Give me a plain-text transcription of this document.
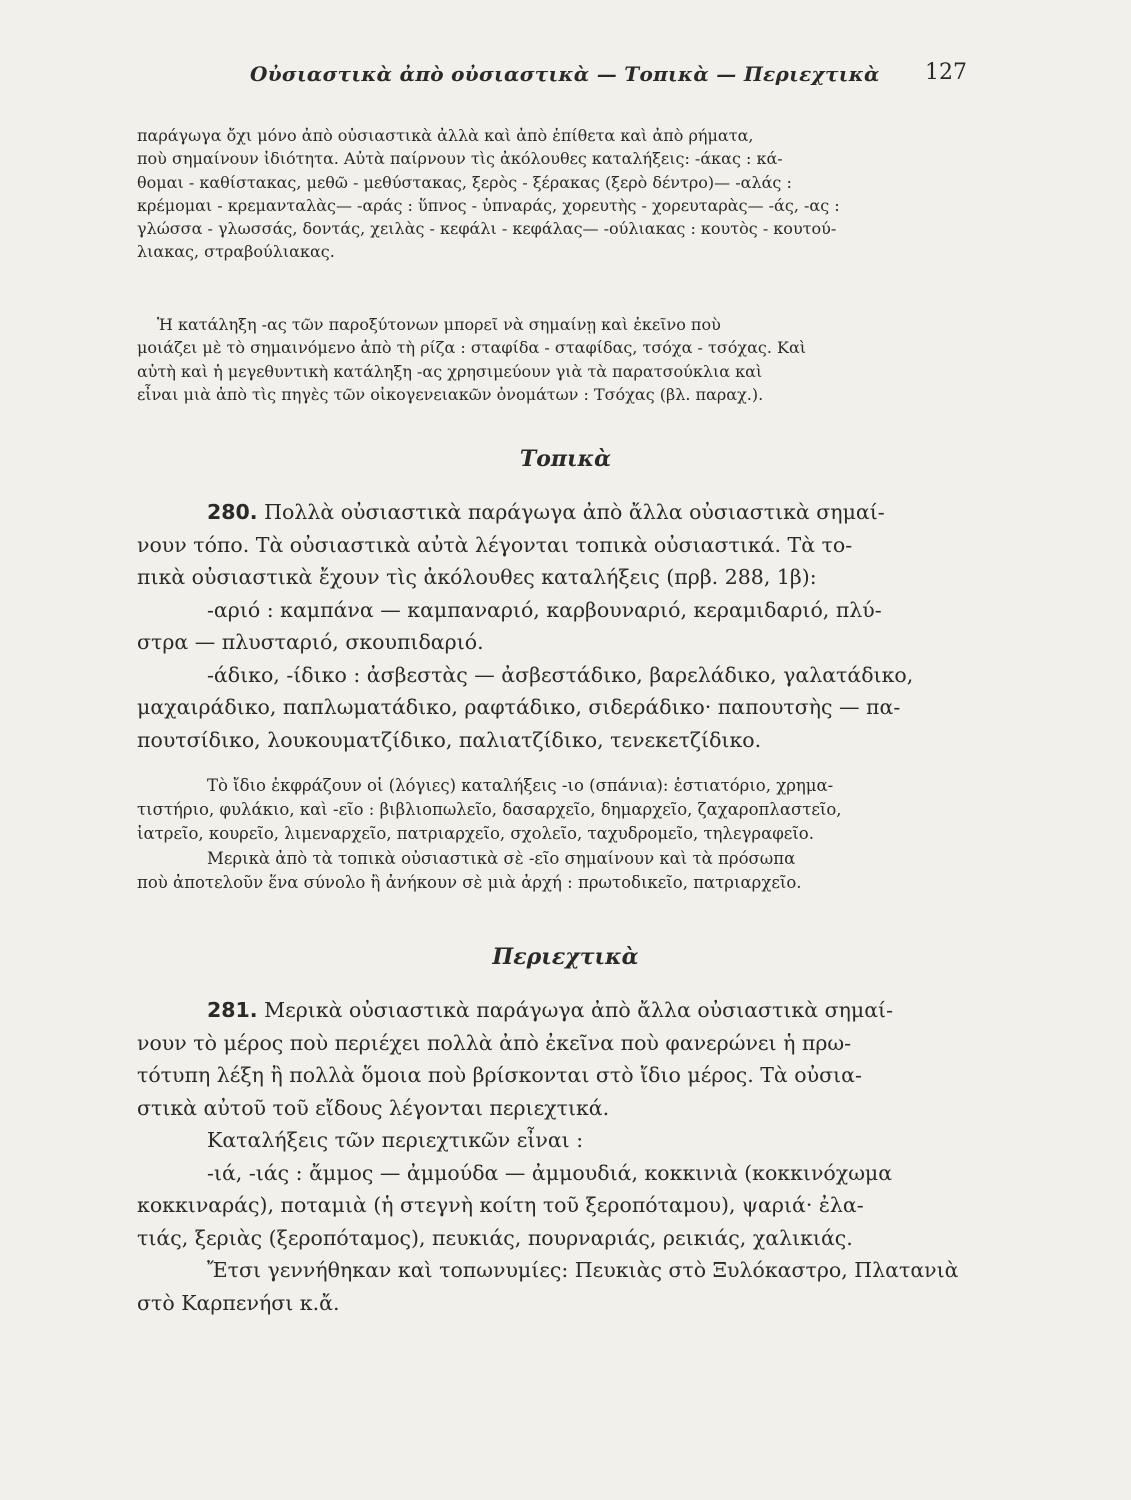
Οὐσιαστικὰ ἀπὸ οὐσιαστικὰ — Τοπικὰ — Περιεχτικὰ 127

παράγωγα ὄχι μόνο ἀπὸ οὐσιαστικὰ ἀλλὰ καὶ ἀπὸ ἐπίθετα καὶ ἀπὸ ρήματα,

ποὺ σημαίνουν ἰδιότητα. Αὐτὰ παίρνουν τὶς ἀκόλουθες καταλήξεις: -άκας : κά-

θομαι - καθίστακας, μεθῶ - μεθύστακας, ξερὸς - ξέρακας (ξερὸ δέντρο)— -αλάς :

κρέμομαι - κρεμανταλὰς— -αράς : ὕπνος - ὑπναράς, χορευτὴς - χορευταρὰς— -άς, -ας :

γλώσσα - γλωσσάς, δοντάς, χειλὰς - κεφάλι - κεφάλας— -ούλιακας : κουτὸς - κουτού-

λιακας, στραβούλιακας.

Ἡ κατάληξη -ας τῶν παροξύτονων μπορεῖ νὰ σημαίνῃ καὶ ἐκεῖνο ποὺ

μοιάζει μὲ τὸ σημαινόμενο ἀπὸ τὴ ρίζα : σταφίδα - σταφίδας, τσόχα - τσόχας. Καὶ

αὐτὴ καὶ ἡ μεγεθυντικὴ κατάληξη -ας χρησιμεύουν γιὰ τὰ παρατσούκλια καὶ

εἶναι μιὰ ἀπὸ τὶς πηγὲς τῶν οἰκογενειακῶν ὀνομάτων : Τσόχας (βλ. παραχ.).

Τοπικὰ

280. Πολλὰ οὐσιαστικὰ παράγωγα ἀπὸ ἄλλα οὐσιαστικὰ σημαί-

νουν τόπο. Τὰ οὐσιαστικὰ αὐτὰ λέγονται τοπικὰ οὐσιαστικά. Τὰ το-

πικὰ οὐσιαστικὰ ἔχουν τὶς ἀκόλουθες καταλήξεις (πρβ. 288, 1β):

-αριό : καμπάνα — καμπαναριό, καρβουναριό, κεραμιδαριό, πλύ-

στρα — πλυσταριό, σκουπιδαριό.

-άδικο, -ίδικο : ἀσβεστὰς — ἀσβεστάδικο, βαρελάδικο, γαλατάδικο,

μαχαιράδικο, παπλωματάδικο, ραφτάδικο, σιδεράδικο· παπουτσὴς — πα-

πουτσίδικο, λουκουματζίδικο, παλιατζίδικο, τενεκετζίδικο.

Τὸ ἴδιο ἐκφράζουν οἱ (λόγιες) καταλήξεις -ιο (σπάνια): ἑστιατόριο, χρημα-

τιστήριο, φυλάκιο, καὶ -εῖο : βιβλιοπωλεῖο, δασαρχεῖο, δημαρχεῖο, ζαχαροπλαστεῖο,

ἰατρεῖο, κουρεῖο, λιμεναρχεῖο, πατριαρχεῖο, σχολεῖο, ταχυδρομεῖο, τηλεγραφεῖο.

Μερικὰ ἀπὸ τὰ τοπικὰ οὐσιαστικὰ σὲ -εῖο σημαίνουν καὶ τὰ πρόσωπα

ποὺ ἀποτελοῦν ἕνα σύνολο ἢ ἀνήκουν σὲ μιὰ ἀρχή : πρωτοδικεῖο, πατριαρχεῖο.

Περιεχτικὰ

281. Μερικὰ οὐσιαστικὰ παράγωγα ἀπὸ ἄλλα οὐσιαστικὰ σημαί-

νουν τὸ μέρος ποὺ περιέχει πολλὰ ἀπὸ ἐκεῖνα ποὺ φανερώνει ἡ πρω-

τότυπη λέξη ἢ πολλὰ ὅμοια ποὺ βρίσκονται στὸ ἴδιο μέρος. Τὰ οὐσια-

στικὰ αὐτοῦ τοῦ εἴδους λέγονται περιεχτικά.

Καταλήξεις τῶν περιεχτικῶν εἶναι :

-ιά, -ιάς : ἄμμος — ἀμμούδα — ἀμμουδιά, κοκκινιὰ (κοκκινόχωμα

κοκκιναράς), ποταμιὰ (ἡ στεγνὴ κοίτη τοῦ ξεροπόταμου), ψαριά· ἐλα-

τιάς, ξεριὰς (ξεροπόταμος), πευκιάς, πουρναριάς, ρεικιάς, χαλικιάς.

Ἔτσι γεννήθηκαν καὶ τοπωνυμίες: Πευκιὰς στὸ Ξυλόκαστρο, Πλατανιὰ

στὸ Καρπενήσι κ.ἄ.
